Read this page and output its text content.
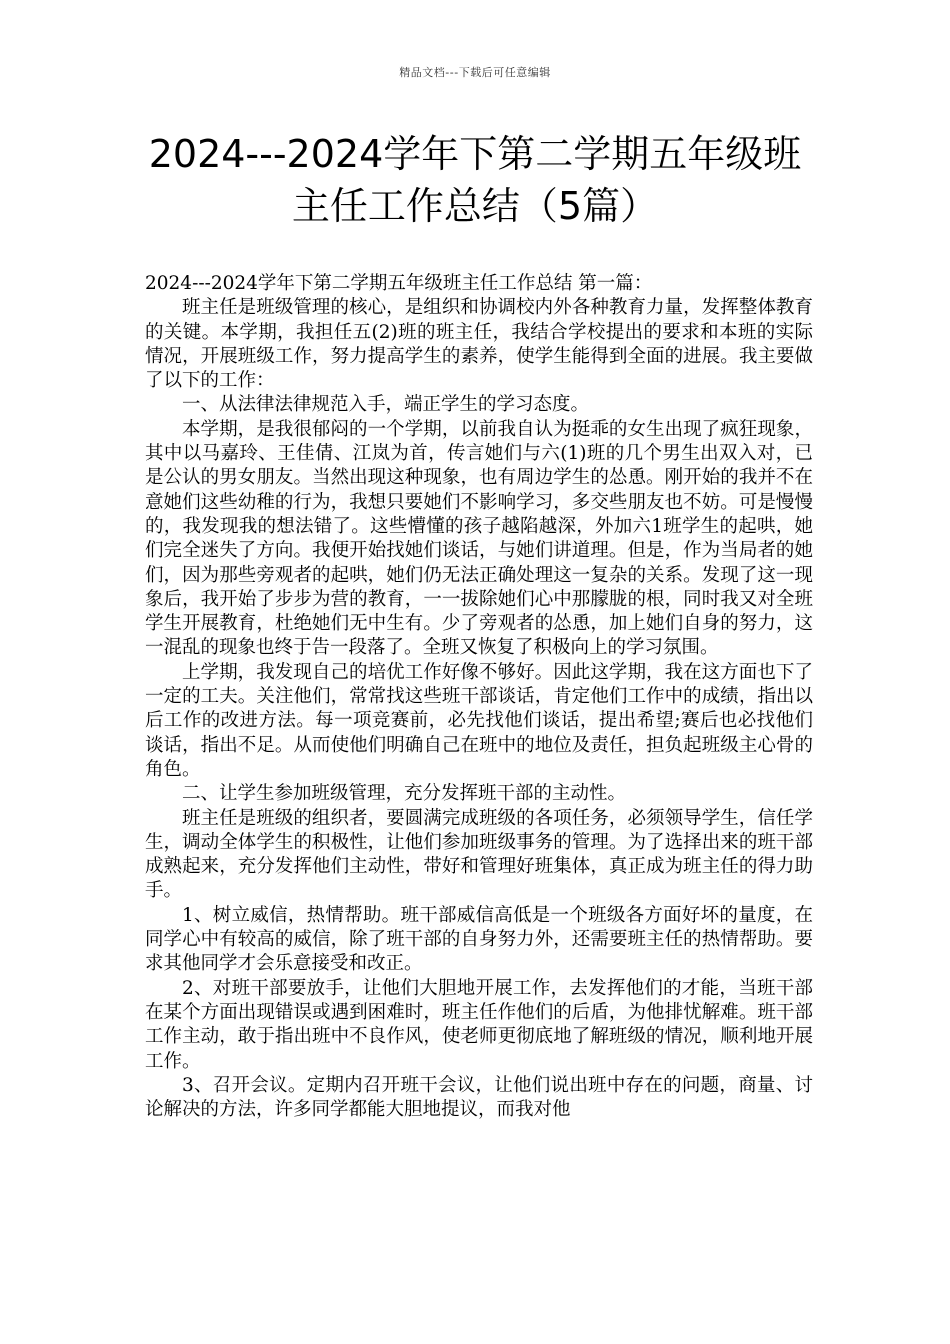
精品文档---下载后可任意编辑
2024---2024学年下第二学期五年级班
主任工作总结（5篇）

2024---2024学年下第二学期五年级班主任工作总结 第一篇：

班主任是班级管理的核心，是组织和协调校内外各种教育力量，发挥整体教育的关键。本学期，我担任五(2)班的班主任，我结合学校提出的要求和本班的实际情况，开展班级工作，努力提高学生的素养，使学生能得到全面的进展。我主要做了以下的工作：

一、从法律法律规范入手，端正学生的学习态度。

本学期，是我很郁闷的一个学期，以前我自认为挺乖的女生出现了疯狂现象，其中以马嘉玲、王佳倩、江岚为首，传言她们与六(1)班的几个男生出双入对，已是公认的男女朋友。当然出现这种现象，也有周边学生的怂恿。刚开始的我并不在意她们这些幼稚的行为，我想只要她们不影响学习，多交些朋友也不妨。可是慢慢的，我发现我的想法错了。这些懵懂的孩子越陷越深，外加六1班学生的起哄，她们完全迷失了方向。我便开始找她们谈话，与她们讲道理。但是，作为当局者的她们，因为那些旁观者的起哄，她们仍无法正确处理这一复杂的关系。发现了这一现象后，我开始了步步为营的教育，一一拔除她们心中那朦胧的根，同时我又对全班学生开展教育，杜绝她们无中生有。少了旁观者的怂恿，加上她们自身的努力，这一混乱的现象也终于告一段落了。全班又恢复了积极向上的学习氛围。

上学期，我发现自己的培优工作好像不够好。因此这学期，我在这方面也下了一定的工夫。关注他们，常常找这些班干部谈话，肯定他们工作中的成绩，指出以后工作的改进方法。每一项竞赛前，必先找他们谈话，提出希望;赛后也必找他们谈话，指出不足。从而使他们明确自己在班中的地位及责任，担负起班级主心骨的角色。

二、让学生参加班级管理，充分发挥班干部的主动性。

班主任是班级的组织者，要圆满完成班级的各项任务，必须领导学生，信任学生，调动全体学生的积极性，让他们参加班级事务的管理。为了选择出来的班干部成熟起来，充分发挥他们主动性，带好和管理好班集体，真正成为班主任的得力助手。

1、树立威信，热情帮助。班干部威信高低是一个班级各方面好坏的量度，在同学心中有较高的威信，除了班干部的自身努力外，还需要班主任的热情帮助。要求其他同学才会乐意接受和改正。

2、对班干部要放手，让他们大胆地开展工作，去发挥他们的才能，当班干部在某个方面出现错误或遇到困难时，班主任作他们的后盾，为他排忧解难。班干部工作主动，敢于指出班中不良作风，使老师更彻底地了解班级的情况，顺利地开展工作。

3、召开会议。定期内召开班干会议，让他们说出班中存在的问题，商量、讨论解决的方法，许多同学都能大胆地提议，而我对他
